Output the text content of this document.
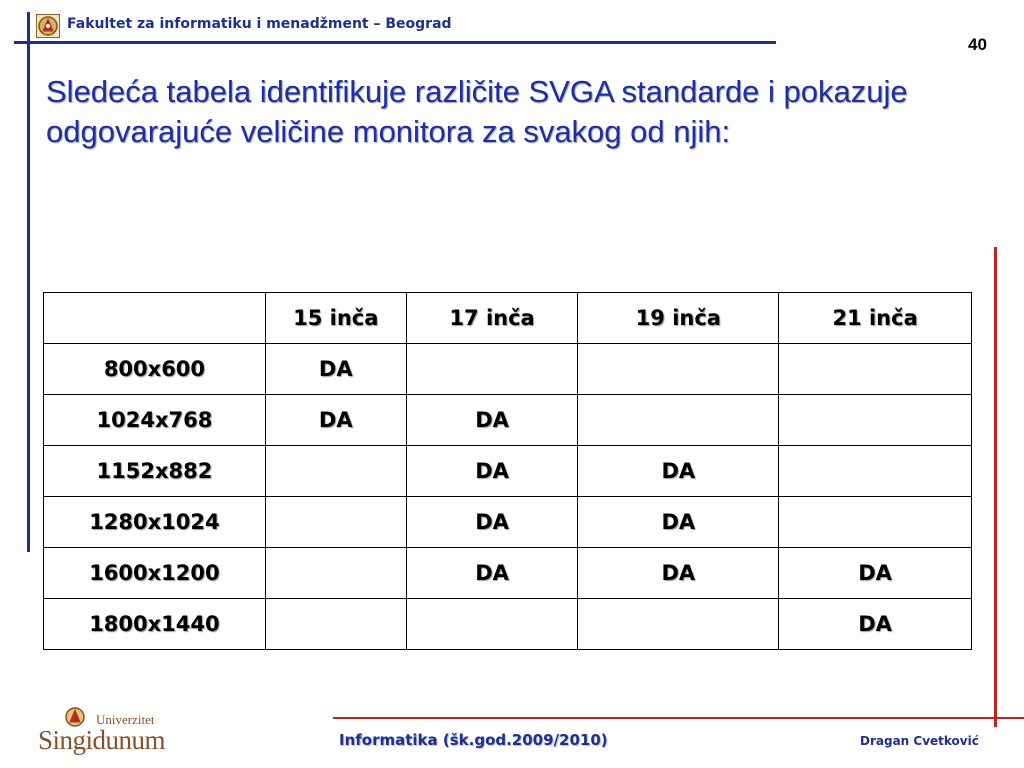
Fakultet za informatiku i menadžment – Beograd
40
Sledeća tabela identifikuje različite SVGA standarde i pokazuje odgovarajuće veličine monitora za svakog od njih:
	15 inča	17 inča	19 inča	21 inča
800x600	DA			
1024x768	DA	DA		
1152x882		DA	DA	
1280x1024		DA	DA	
1600x1200		DA	DA	DA
1800x1440				DA
Univerzitet
Singidunum	Informatika (šk.god.2009/2010)	Dragan Cvetković
